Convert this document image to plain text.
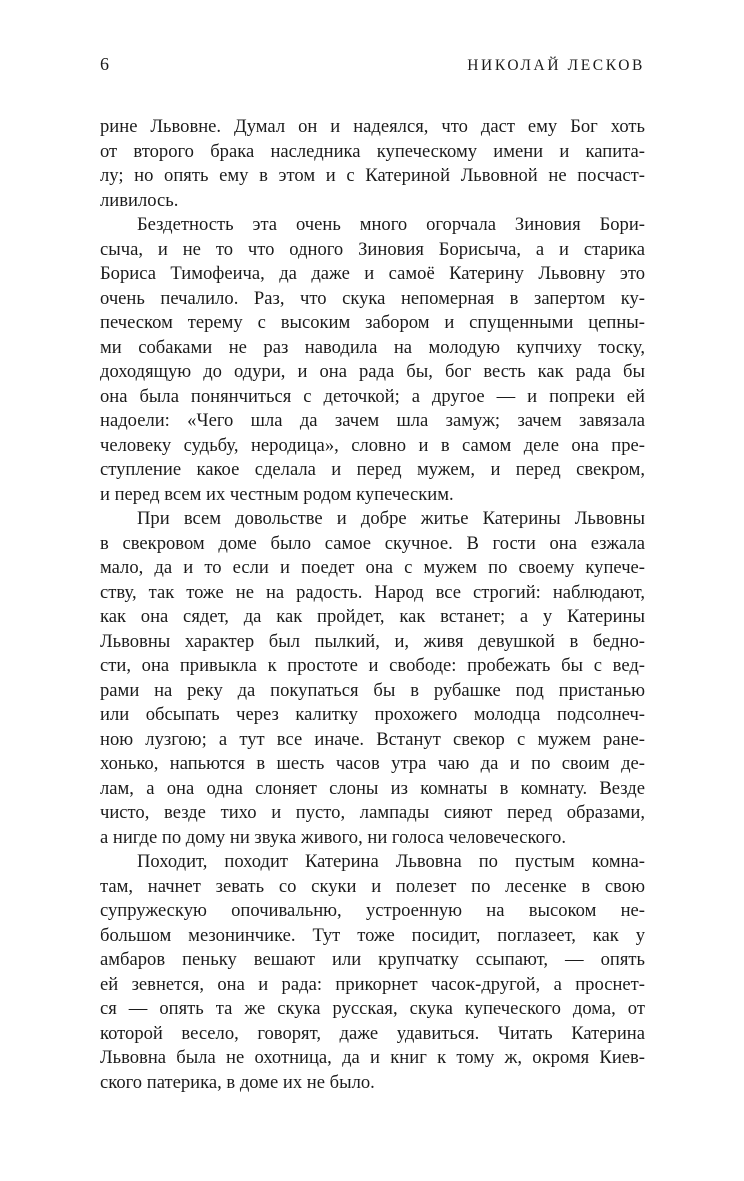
6	НИКОЛАЙ ЛЕСКОВ
рине Львовне. Думал он и надеялся, что даст ему Бог хоть
от второго брака наследника купеческому имени и капита-
лу; но опять ему в этом и с Катериной Львовной не посчаст-
ливилось.
Бездетность эта очень много огорчала Зиновия Бори-
сыча, и не то что одного Зиновия Борисыча, а и старика
Бориса Тимофеича, да даже и самоё Катерину Львовну это
очень печалило. Раз, что скука непомерная в запертом ку-
печеском терему с высоким забором и спущенными цепны-
ми собаками не раз наводила на молодую купчиху тоску,
доходящую до одури, и она рада бы, бог весть как рада бы
она была понянчиться с деточкой; а другое — и попреки ей
надоели: «Чего шла да зачем шла замуж; зачем завязала
человеку судьбу, неродица», словно и в самом деле она пре-
ступление какое сделала и перед мужем, и перед свекром,
и перед всем их честным родом купеческим.
При всем довольстве и добре житье Катерины Львовны
в свекровом доме было самое скучное. В гости она езжала
мало, да и то если и поедет она с мужем по своему купече-
ству, так тоже не на радость. Народ все строгий: наблюдают,
как она сядет, да как пройдет, как встанет; а у Катерины
Львовны характер был пылкий, и, живя девушкой в бедно-
сти, она привыкла к простоте и свободе: пробежать бы с вед-
рами на реку да покупаться бы в рубашке под пристанью
или обсыпать через калитку прохожего молодца подсолнеч-
ною лузгою; а тут все иначе. Встанут свекор с мужем ране-
хонько, напьются в шесть часов утра чаю да и по своим де-
лам, а она одна слоняет слоны из комнаты в комнату. Везде
чисто, везде тихо и пусто, лампады сияют перед образами,
а нигде по дому ни звука живого, ни голоса человеческого.
Походит, походит Катерина Львовна по пустым комна-
там, начнет зевать со скуки и полезет по лесенке в свою
супружескую опочивальню, устроенную на высоком не-
большом мезонинчике. Тут тоже посидит, поглазеет, как у
амбаров пеньку вешают или крупчатку ссыпают, — опять
ей зевнется, она и рада: прикорнет часок-другой, а проснет-
ся — опять та же скука русская, скука купеческого дома, от
которой весело, говорят, даже удавиться. Читать Катерина
Львовна была не охотница, да и книг к тому ж, окромя Киев-
ского патерика, в доме их не было.
